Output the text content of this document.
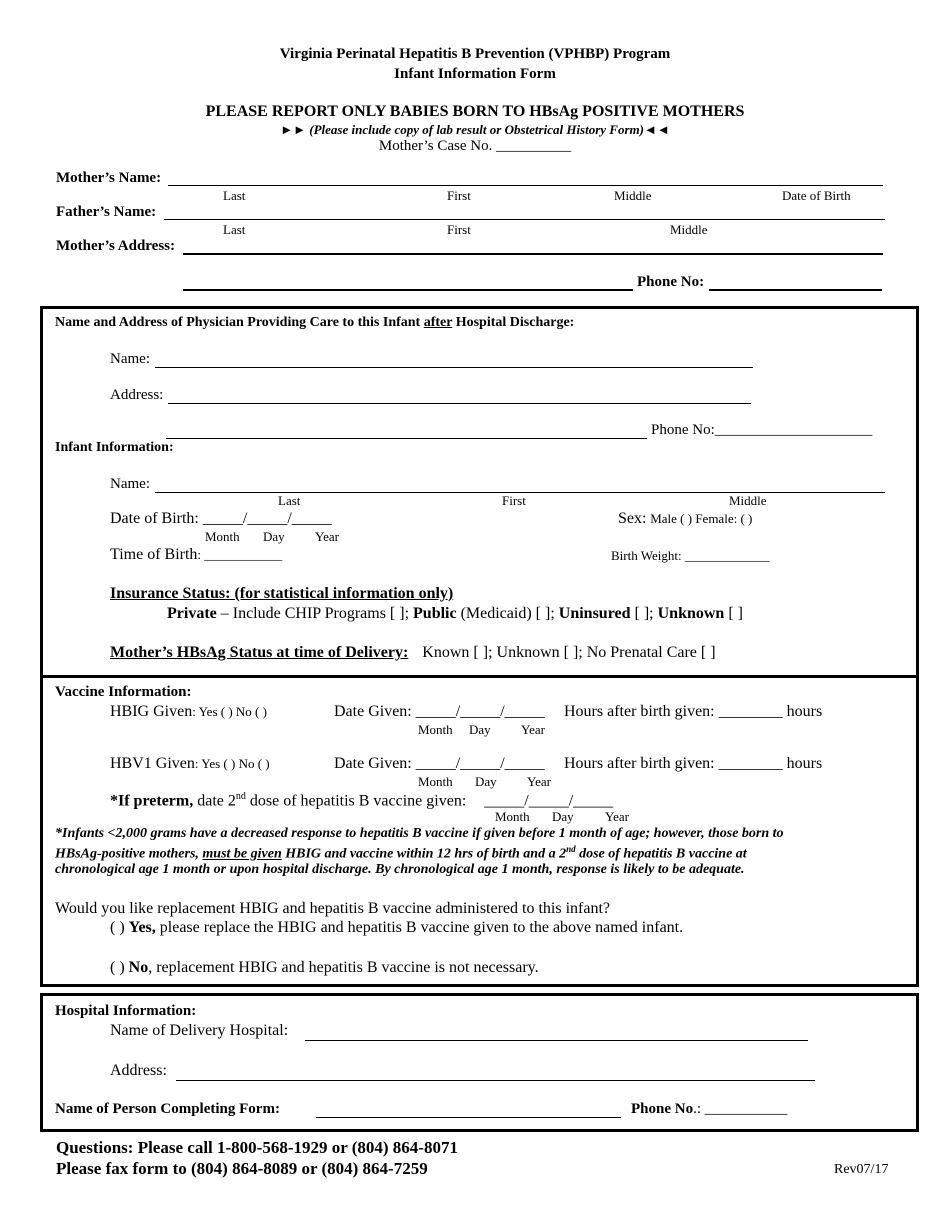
Virginia Perinatal Hepatitis B Prevention (VPHBP) Program
Infant Information Form
PLEASE REPORT ONLY BABIES BORN TO HBsAg POSITIVE MOTHERS
►► (Please include copy of lab result or Obstetrical History Form)◄◄
Mother’s Case No. __________
Mother’s Name:
Last	First	Middle	Date of Birth
Father’s Name:
Last	First	Middle
Mother’s Address:
Phone No:
Name and Address of Physician Providing Care to this Infant after Hospital Discharge:
Name:
Address:
Phone No:_____________________
Infant Information:
Name:
Last	First	Middle
Date of Birth: _____/_____/_____
Month Day Year
Sex: Male ( ) Female: ( )
Time of Birth: ____________	Birth Weight: _____________
Insurance Status: (for statistical information only)
Private – Include CHIP Programs [ ]; Public (Medicaid) [ ]; Uninsured [ ]; Unknown [ ]
Mother’s HBsAg Status at time of Delivery: Known [ ]; Unknown [ ]; No Prenatal Care [ ]
Vaccine Information:
HBIG Given: Yes ( ) No ( )	Date Given: _____/_____/_____ Hours after birth given: ________ hours
Month Day Year
HBV1 Given: Yes ( ) No ( )	Date Given: _____/_____/_____ Hours after birth given: ________ hours
Month Day Year
*If preterm, date 2nd dose of hepatitis B vaccine given: _____/_____/_____
Month Day Year
*Infants <2,000 grams have a decreased response to hepatitis B vaccine if given before 1 month of age; however, those born to
HBsAg-positive mothers, must be given HBIG and vaccine within 12 hrs of birth and a 2nd dose of hepatitis B vaccine at
chronological age 1 month or upon hospital discharge. By chronological age 1 month, response is likely to be adequate.
Would you like replacement HBIG and hepatitis B vaccine administered to this infant?
( ) Yes, please replace the HBIG and hepatitis B vaccine given to the above named infant.
( ) No, replacement HBIG and hepatitis B vaccine is not necessary.
Hospital Information:
Name of Delivery Hospital:
Address:
Name of Person Completing Form:	Phone No.: ___________
Questions: Please call 1-800-568-1929 or (804) 864-8071
Please fax form to (804) 864-8089 or (804) 864-7259	Rev07/17
